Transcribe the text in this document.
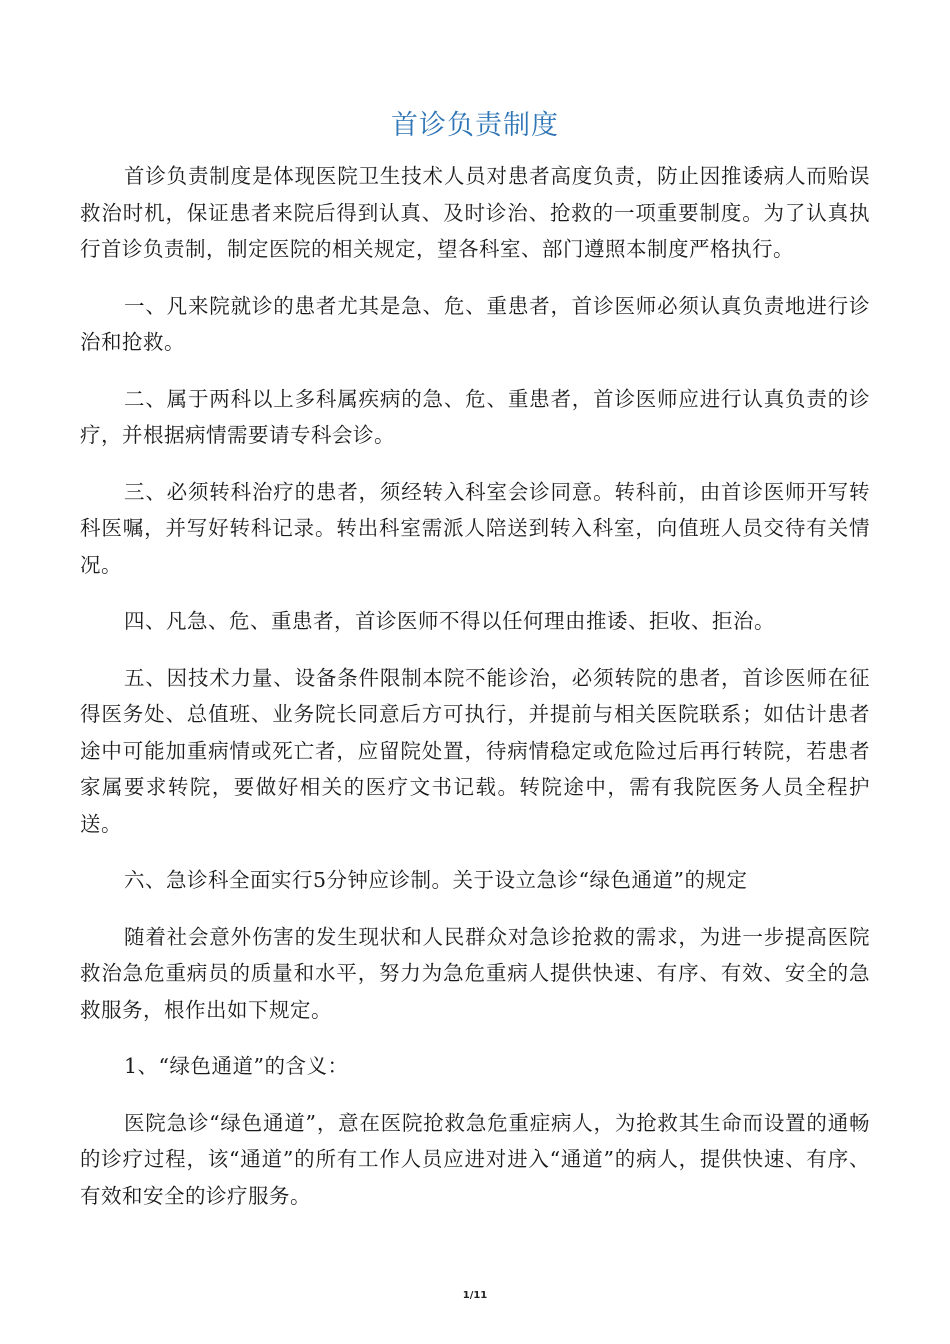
首诊负责制度

首诊负责制度是体现医院卫生技术人员对患者高度负责，防止因推诿病人而贻误救治时机，保证患者来院后得到认真、及时诊治、抢救的一项重要制度。为了认真执行首诊负责制，制定医院的相关规定，望各科室、部门遵照本制度严格执行。

一、凡来院就诊的患者尤其是急、危、重患者，首诊医师必须认真负责地进行诊治和抢救。

二、属于两科以上多科属疾病的急、危、重患者，首诊医师应进行认真负责的诊疗，并根据病情需要请专科会诊。

三、必须转科治疗的患者，须经转入科室会诊同意。转科前，由首诊医师开写转科医嘱，并写好转科记录。转出科室需派人陪送到转入科室，向值班人员交待有关情况。

四、凡急、危、重患者，首诊医师不得以任何理由推诿、拒收、拒治。

五、因技术力量、设备条件限制本院不能诊治，必须转院的患者，首诊医师在征得医务处、总值班、业务院长同意后方可执行，并提前与相关医院联系；如估计患者途中可能加重病情或死亡者，应留院处置，待病情稳定或危险过后再行转院，若患者家属要求转院，要做好相关的医疗文书记载。转院途中，需有我院医务人员全程护送。

六、急诊科全面实行5分钟应诊制。关于设立急诊“绿色通道”的规定

随着社会意外伤害的发生现状和人民群众对急诊抢救的需求，为进一步提高医院救治急危重病员的质量和水平，努力为急危重病人提供快速、有序、有效、安全的急救服务，根作出如下规定。

1、“绿色通道”的含义：

医院急诊“绿色通道”，意在医院抢救急危重症病人，为抢救其生命而设置的通畅的诊疗过程，该“通道”的所有工作人员应进对进入“通道”的病人，提供快速、有序、有效和安全的诊疗服务。

1/11
